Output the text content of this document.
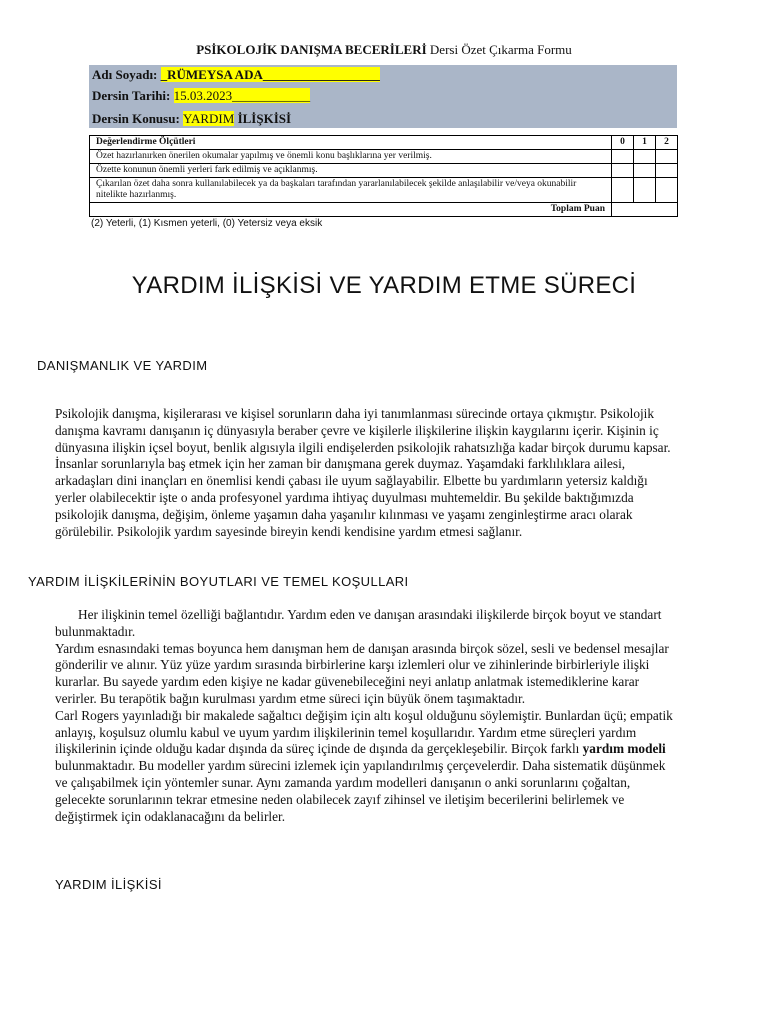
PSİKOLOJİK DANIŞMA BECERİLERİ Dersi Özet Çıkarma Formu
Adı Soyadı: _RÜMEYSA ADA__________________
Dersin Tarihi: 15.03.2023____________
Dersin Konusu: YARDIM İLİŞKİSİ
Değerlendirme Ölçütleri	0	1	2
Özet hazırlanırken önerilen okumalar yapılmış ve önemli konu başlıklarına yer verilmiş.			
Özette konunun önemli yerleri fark edilmiş ve açıklanmış.			
Çıkarılan özet daha sonra kullanılabilecek ya da başkaları tarafından yararlanılabilecek şekilde anlaşılabilir ve/veya okunabilir nitelikte hazırlanmış.			
Toplam Puan			
(2) Yeterli, (1) Kısmen yeterli, (0) Yetersiz veya eksik
YARDIM İLİŞKİSİ VE YARDIM ETME SÜRECİ
DANIŞMANLIK VE YARDIM

Psikolojik danışma, kişilerarası ve kişisel sorunların daha iyi tanımlanması sürecinde ortaya çıkmıştır. Psikolojik danışma kavramı danışanın iç dünyasıyla beraber çevre ve kişilerle ilişkilerine ilişkin kaygılarını içerir. Kişinin iç dünyasına ilişkin içsel boyut, benlik algısıyla ilgili endişelerden psikolojik rahatsızlığa kadar birçok durumu kapsar. İnsanlar sorunlarıyla baş etmek için her zaman bir danışmana gerek duymaz. Yaşamdaki farklılıklara ailesi, arkadaşları dini inançları en önemlisi kendi çabası ile uyum sağlayabilir. Elbette bu yardımların yetersiz kaldığı yerler olabilecektir işte o anda profesyonel yardıma ihtiyaç duyulması muhtemeldir. Bu şekilde baktığımızda psikolojik danışma, değişim, önleme yaşamın daha yaşanılır kılınması ve yaşamı zenginleştirme aracı olarak görülebilir. Psikolojik yardım sayesinde bireyin kendi kendisine yardım etmesi sağlanır.

YARDIM İLİŞKİLERİNİN BOYUTLARI VE TEMEL KOŞULLARI

Her ilişkinin temel özelliği bağlantıdır. Yardım eden ve danışan arasındaki ilişkilerde birçok boyut ve standart bulunmaktadır.

Yardım esnasındaki temas boyunca hem danışman hem de danışan arasında birçok sözel, sesli ve bedensel mesajlar gönderilir ve alınır. Yüz yüze yardım sırasında birbirlerine karşı izlemleri olur ve zihinlerinde birbirleriyle ilişki kurarlar. Bu sayede yardım eden kişiye ne kadar güvenebileceğini neyi anlatıp anlatmak istemediklerine karar verirler. Bu terapötik bağın kurulması yardım etme süreci için büyük önem taşımaktadır.

Carl Rogers yayınladığı bir makalede sağaltıcı değişim için altı koşul olduğunu söylemiştir. Bunlardan üçü; empatik anlayış, koşulsuz olumlu kabul ve uyum yardım ilişkilerinin temel koşullarıdır. Yardım etme süreçleri yardım ilişkilerinin içinde olduğu kadar dışında da süreç içinde de dışında da gerçekleşebilir. Birçok farklı yardım modeli bulunmaktadır. Bu modeller yardım sürecini izlemek için yapılandırılmış çerçevelerdir. Daha sistematik düşünmek ve çalışabilmek için yöntemler sunar. Aynı zamanda yardım modelleri danışanın o anki sorunlarını çoğaltan, gelecekte sorunlarının tekrar etmesine neden olabilecek zayıf zihinsel ve iletişim becerilerini belirlemek ve değiştirmek için odaklanacağını da belirler.

YARDIM İLİŞKİSİ
